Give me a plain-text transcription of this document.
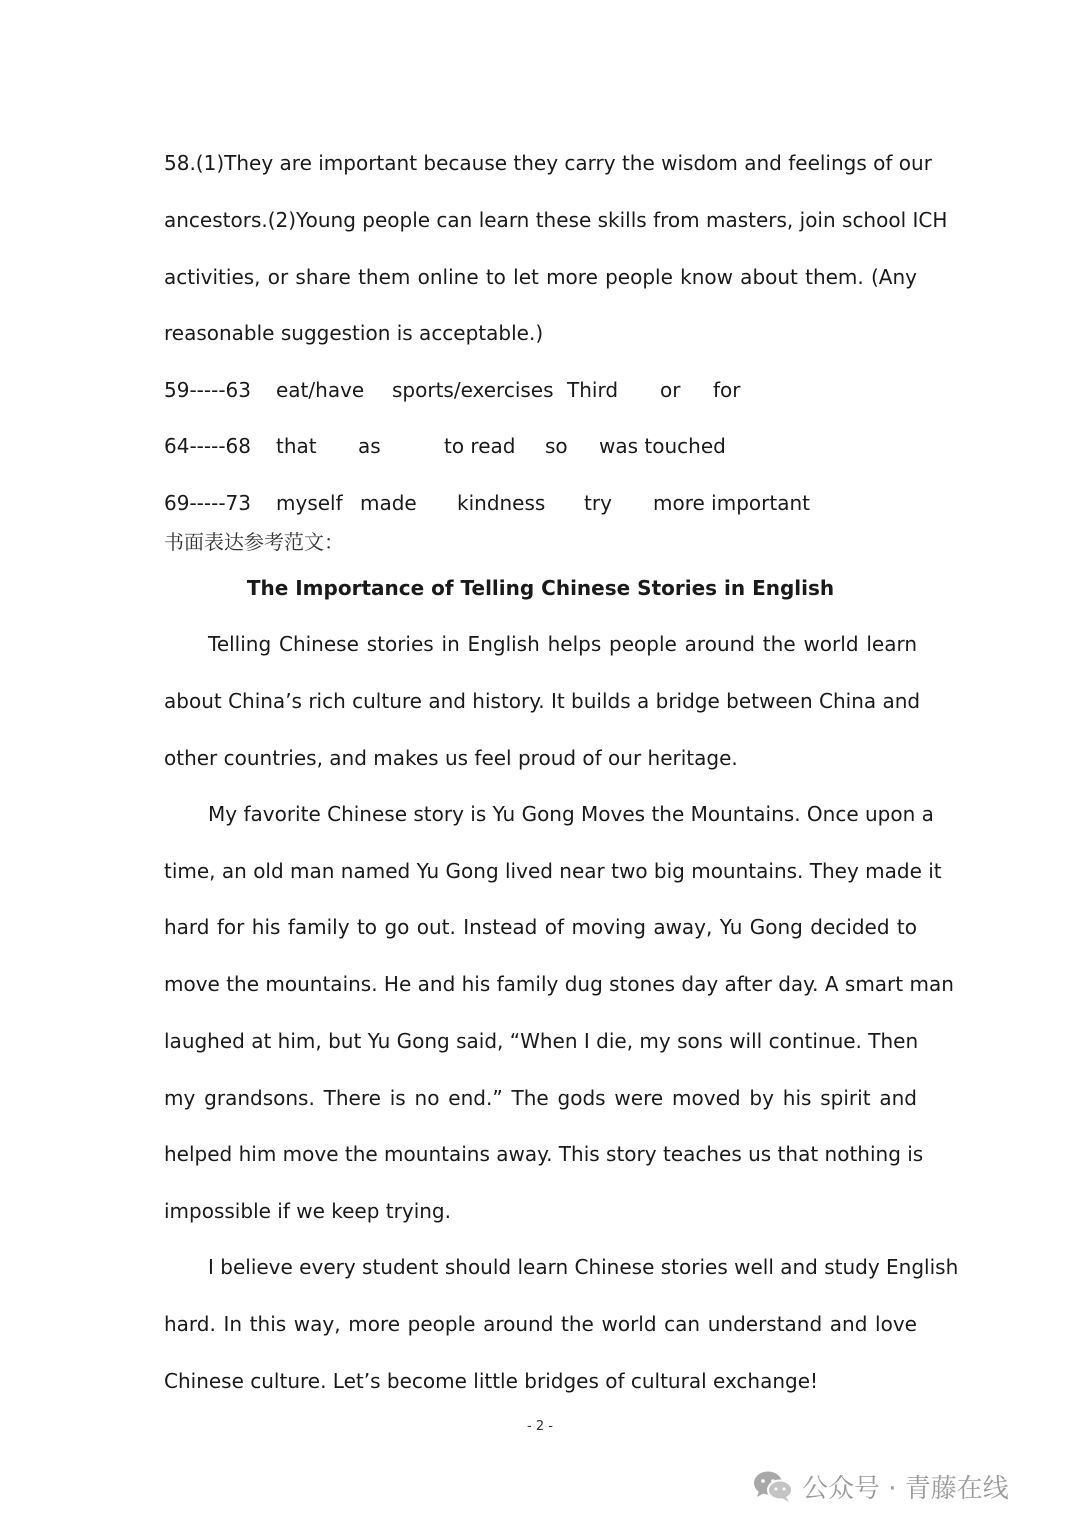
58.(1)They are important because they carry the wisdom and feelings of our

ancestors.(2)Young people can learn these skills from masters, join school ICH

activities, or share them online to let more people know about them. (Any

reasonable suggestion is acceptable.)

59-----63 eat/have sports/exercises Third or for
64-----68 that as	to read so was touched
69-----73 myself made kindness try more important
书面表达参考范文：
The Importance of Telling Chinese Stories in English

Telling Chinese stories in English helps people around the world learn

about China’s rich culture and history. It builds a bridge between China and

other countries, and makes us feel proud of our heritage.

My favorite Chinese story is Yu Gong Moves the Mountains. Once upon a

time, an old man named Yu Gong lived near two big mountains. They made it

hard for his family to go out. Instead of moving away, Yu Gong decided to

move the mountains. He and his family dug stones day after day. A smart man

laughed at him, but Yu Gong said, “When I die, my sons will continue. Then

my grandsons. There is no end.” The gods were moved by his spirit and

helped him move the mountains away. This story teaches us that nothing is

impossible if we keep trying.

I believe every student should learn Chinese stories well and study English

hard. In this way, more people around the world can understand and love

Chinese culture. Let’s become little bridges of cultural exchange!

- 2 -
公众号 · 青藤在线
